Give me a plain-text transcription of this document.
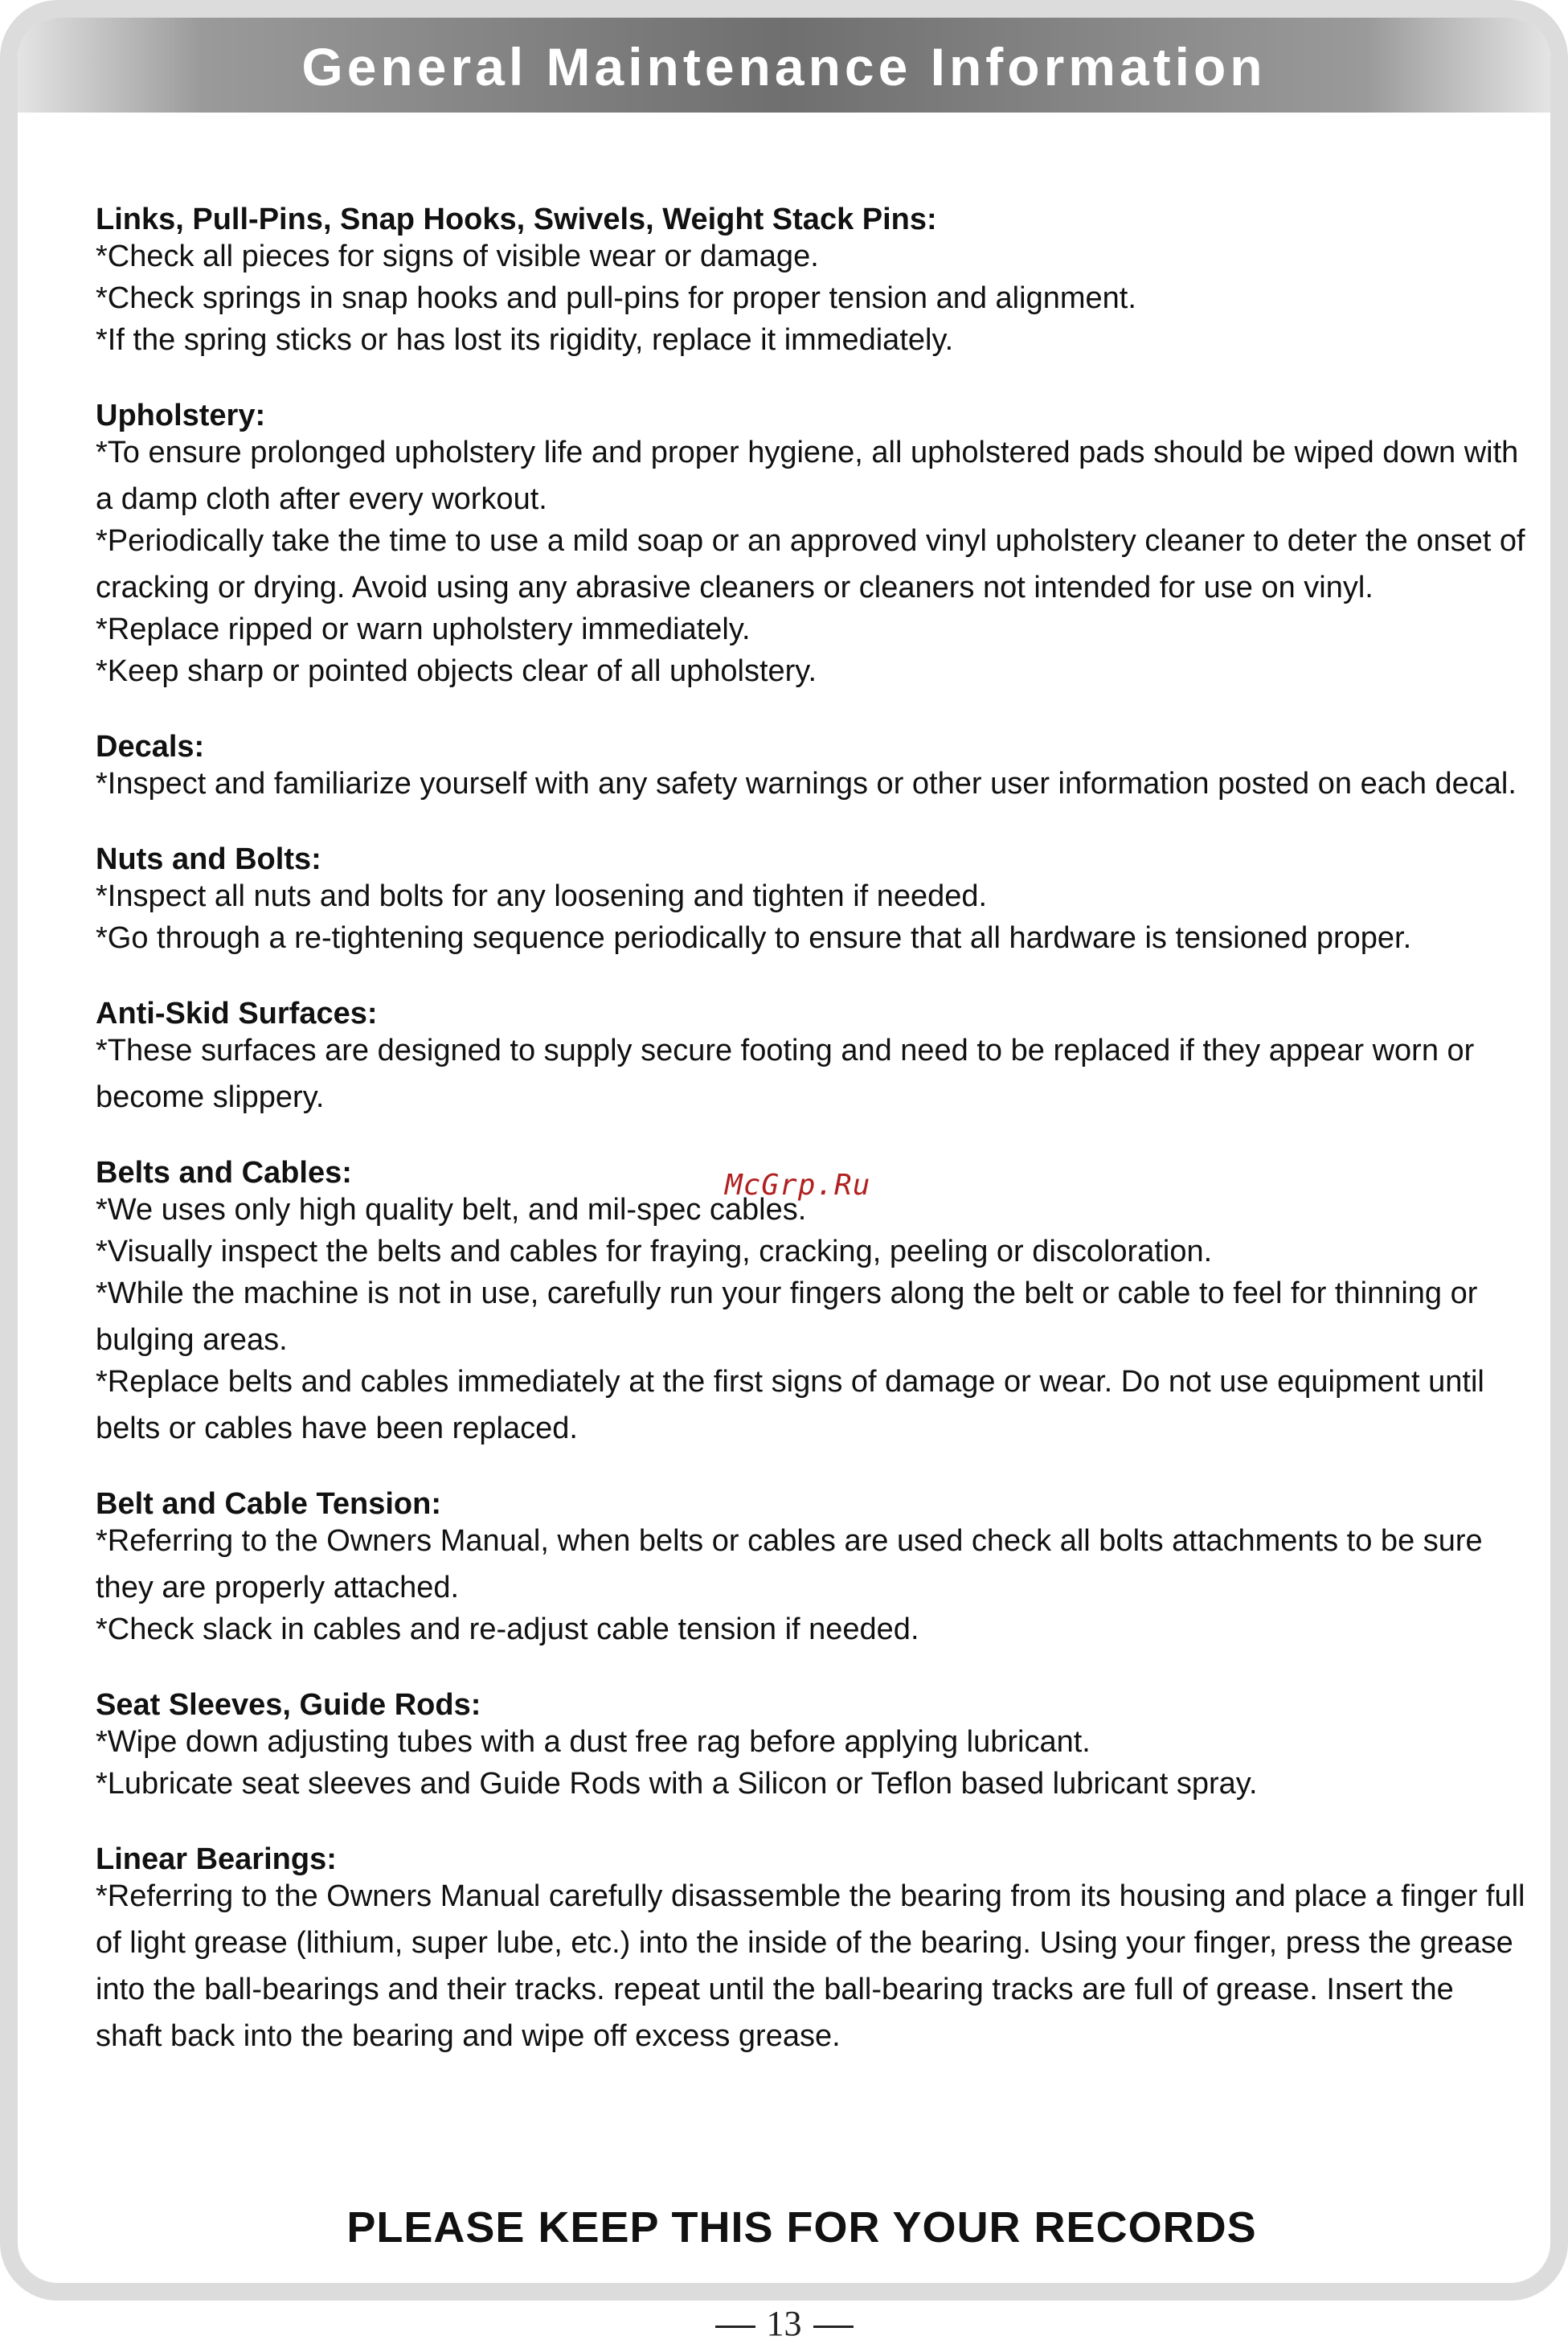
General Maintenance Information
Links, Pull-Pins, Snap Hooks, Swivels, Weight Stack Pins:
*Check all pieces for signs of visible wear or damage.
*Check springs in snap hooks and pull-pins for proper tension and alignment.
*If the spring sticks or has lost its rigidity, replace it immediately.
Upholstery:
*To ensure prolonged upholstery life and proper hygiene, all upholstered pads should be wiped down with a damp cloth after every workout.
*Periodically take the time to use a mild soap or an approved vinyl upholstery cleaner to deter the onset of cracking or drying. Avoid using any abrasive cleaners or cleaners not intended for use on vinyl.
*Replace ripped or warn upholstery immediately.
*Keep sharp or pointed objects clear of all upholstery.
Decals:
*Inspect and familiarize yourself with any safety warnings or other user information posted on each decal.
Nuts and Bolts:
*Inspect all nuts and bolts for any loosening and tighten if needed.
*Go through a re-tightening sequence periodically to ensure that all hardware is tensioned proper.
Anti-Skid Surfaces:
*These surfaces are designed to supply secure footing and need to be replaced if they appear worn or become slippery.
Belts and Cables:
*We uses only high quality belt, and mil-spec cables.
*Visually inspect the belts and cables for fraying, cracking, peeling or discoloration.
*While the machine is not in use, carefully run your fingers along the belt or cable to feel for thinning or bulging areas.
*Replace belts and cables immediately at the first signs of damage or wear. Do not use equipment until belts or cables have been replaced.
Belt and Cable Tension:
*Referring to the Owners Manual, when belts or cables are used check all bolts attachments to be sure they are properly attached.
*Check slack in cables and re-adjust cable tension if needed.
Seat Sleeves, Guide Rods:
*Wipe down adjusting tubes with a dust free rag before applying lubricant.
*Lubricate seat sleeves and Guide Rods with a Silicon or Teflon based lubricant spray.
Linear Bearings:
*Referring to the Owners Manual carefully disassemble the bearing from its housing and place a finger full of light grease (lithium, super lube, etc.) into the inside of the bearing. Using your finger, press the grease into the ball-bearings and their tracks. repeat until the ball-bearing tracks are full of grease. Insert the shaft back into the bearing and wipe off excess grease.
McGrp.Ru
PLEASE KEEP THIS FOR YOUR RECORDS
13
